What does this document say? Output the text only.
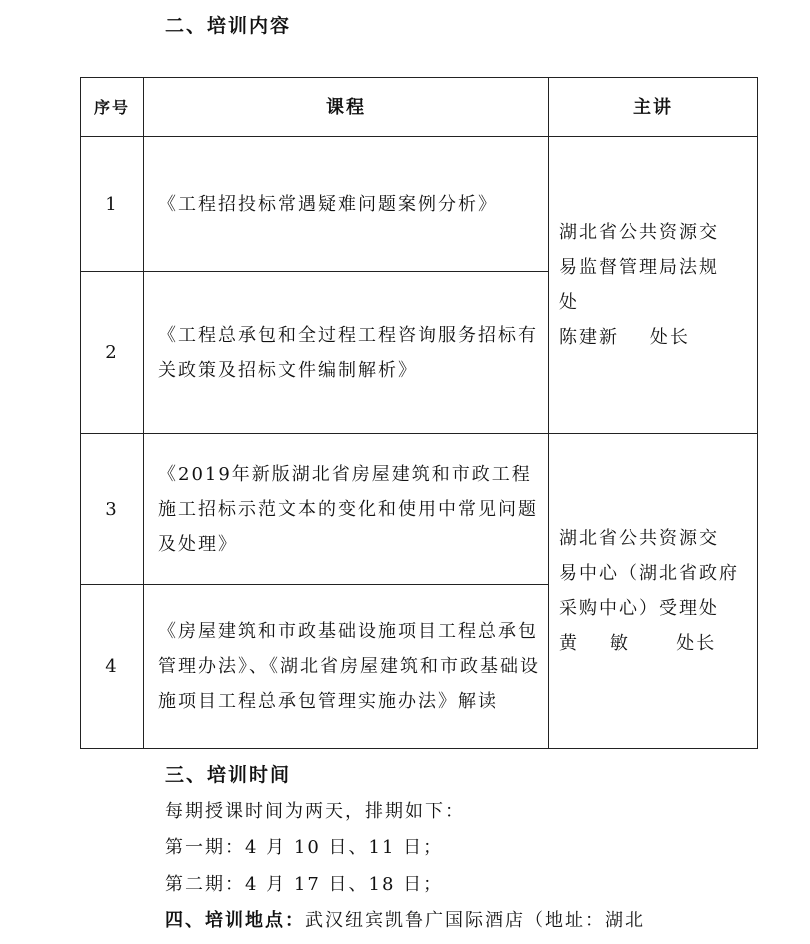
二、培训内容
序号	课程	主讲
1	《工程招投标常遇疑难问题案例分析》	湖北省公共资源交
易监督管理局法规
处
陈建新    处长

2	《工程总承包和全过程工程咨询服务招标有关政策及招标文件编制解析》	
3	《2019年新版湖北省房屋建筑和市政工程施工招标示范文本的变化和使用中常见问题及处理》	湖北省公共资源交
易中心（湖北省政府
采购中心）受理处
黄    敏      处长

4	《房屋建筑和市政基础设施项目工程总承包管理办法》、《湖北省房屋建筑和市政基础设施项目工程总承包管理实施办法》解读	
三、培训时间
每期授课时间为两天，排期如下：
第一期：4 月 10 日、11 日；
第二期：4 月 17 日、18 日；
四、培训地点：武汉纽宾凯鲁广国际酒店（地址：湖北
